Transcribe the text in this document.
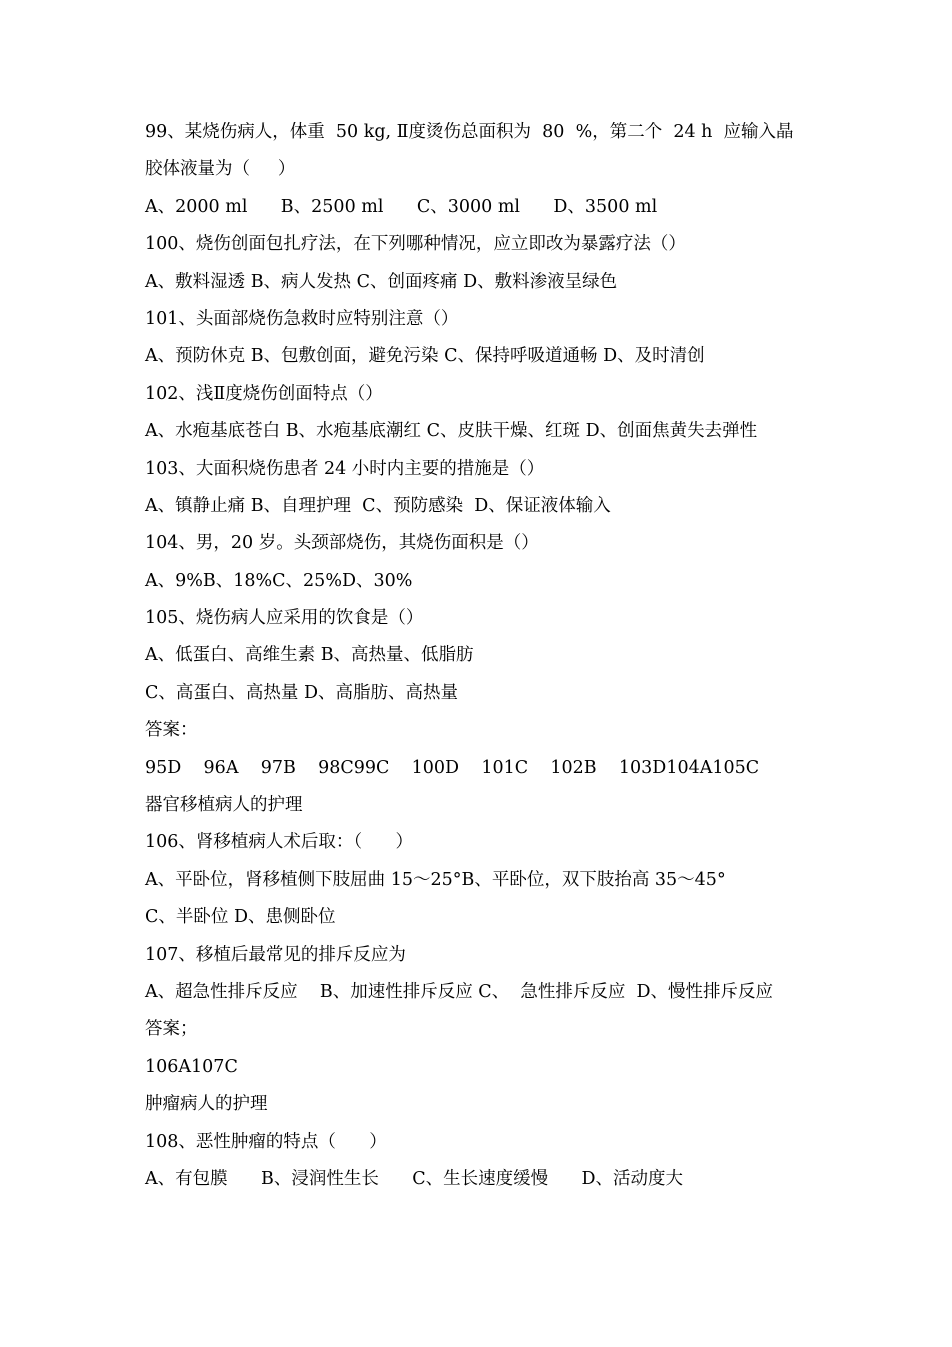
99、某烧伤病人，体重  50 kg, Ⅱ度烫伤总面积为  80  %，第二个  24 h  应输入晶
胶体液量为（     ）
A、2000 ml      B、2500 ml      C、3000 ml      D、3500 ml
100、烧伤创面包扎疗法，在下列哪种情况，应立即改为暴露疗法（）
A、敷料湿透 B、病人发热 C、创面疼痛 D、敷料渗液呈绿色
101、头面部烧伤急救时应特别注意（）
A、预防休克 B、包敷创面，避免污染 C、保持呼吸道通畅 D、及时清创
102、浅Ⅱ度烧伤创面特点（）
A、水疱基底苍白 B、水疱基底潮红 C、皮肤干燥、红斑 D、创面焦黄失去弹性
103、大面积烧伤患者 24 小时内主要的措施是（）
A、镇静止痛 B、自理护理  C、预防感染  D、保证液体输入
104、男，20 岁。头颈部烧伤，其烧伤面积是（）
A、9%B、18%C、25%D、30%
105、烧伤病人应采用的饮食是（）
A、低蛋白、高维生素 B、高热量、低脂肪
C、高蛋白、高热量 D、高脂肪、高热量
答案：
95D    96A    97B    98C99C    100D    101C    102B    103D104A105C
器官移植病人的护理
106、肾移植病人术后取：（      ）
A、平卧位，肾移植侧下肢屈曲 15～25°B、平卧位，双下肢抬高 35～45°
C、半卧位 D、患侧卧位
107、移植后最常见的排斥反应为
A、超急性排斥反应    B、加速性排斥反应 C、  急性排斥反应  D、慢性排斥反应
答案；
106A107C
肿瘤病人的护理
108、恶性肿瘤的特点（      ）
A、有包膜      B、浸润性生长      C、生长速度缓慢      D、活动度大
